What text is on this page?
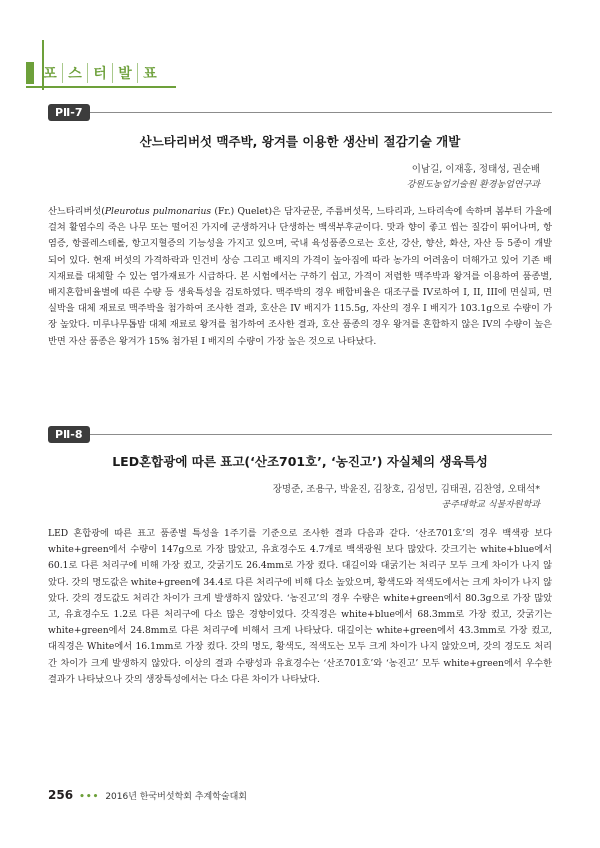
포 스 터 발 표
PⅡ-7
산느타리버섯 맥주박, 왕겨를 이용한 생산비 절감기술 개발
이남길, 이재홍, 정태성, 권순배
강원도농업기술원 환경농업연구과
산느타리버섯(Pleurotus pulmonarius (Fr.) Quelet)은 담자균문, 주름버섯목, 느타리과, 느타리속에 속하며 봄부터 가을에 걸쳐 활엽수의 죽은 나무 또는 떨어진 가지에 군생하거나 단생하는 백색부후균이다. 맛과 향이 좋고 씹는 질감이 뛰어나며, 항염증, 항콜레스테롤, 항고지혈증의 기능성을 가지고 있으며, 국내 육성품종으로는 호산, 강산, 향산, 화산, 자산 등 5종이 개발되어 있다. 현재 버섯의 가격하락과 인건비 상승 그리고 배지의 가격이 높아짐에 따라 농가의 어려움이 더해가고 있어 기존 배지재료를 대체할 수 있는 염가재료가 시급하다. 본 시험에서는 구하기 쉽고, 가격이 저렴한 맥주박과 왕겨를 이용하여 품종별, 배지혼합비율별에 따른 수량 등 생육특성을 검토하였다. 맥주박의 경우 배합비율은 대조구를 IV로하여 I, II, III에 면실피, 면실박을 대체 재료로 맥주박을 첨가하여 조사한 결과, 호산은 IV 배지가 115.5g, 자산의 경우 I 배지가 103.1g으로 수량이 가장 높았다. 미루나무톱밥 대체 재료로 왕겨를 첨가하여 조사한 결과, 호산 품종의 경우 왕겨를 혼합하지 않은 IV의 수량이 높은 반면 자산 품종은 왕겨가 15% 첨가된 I 배지의 수량이 가장 높은 것으로 나타났다.
PⅡ-8
LED혼합광에 따른 표고(‘산조701호’, ‘농진고’) 자실체의 생육특성
장명준, 조용구, 박윤진, 김창호, 김성민, 김태권, 김찬영, 오태석*
공주대학교 식물자원학과
LED 혼합광에 따른 표고 품종별 특성을 1주기를 기준으로 조사한 결과 다음과 같다. ‘산조701호’의 경우 백색광 보다 white+green에서 수량이 147g으로 가장 많았고, 유효경수도 4.7개로 백색광원 보다 많았다. 갓크기는 white+blue에서 60.1로 다른 처리구에 비해 가장 컸고, 갓굵기도 26.4mm로 가장 컸다. 대길이와 대굵기는 처리구 모두 크게 차이가 나지 않았다. 갓의 명도값은 white+green에 34.4로 다른 처리구에 비해 다소 높았으며, 황색도와 적색도에서는 크게 차이가 나지 않았다. 갓의 경도값도 처리간 차이가 크게 발생하지 않았다. ‘농진고’의 경우 수량은 white+green에서 80.3g으로 가장 많았고, 유효경수도 1.2로 다른 처리구에 다소 많은 경향이었다. 갓직경은 white+blue에서 68.3mm로 가장 컸고, 갓굵기는 white+green에서 24.8mm로 다른 처리구에 비해서 크게 나타났다. 대길이는 white+green에서 43.3mm로 가장 컸고, 대직경은 White에서 16.1mm로 가장 컸다. 갓의 명도, 황색도, 적색도는 모두 크게 차이가 나지 않았으며, 갓의 경도도 처리간 차이가 크게 발생하지 않았다. 이상의 결과 수량성과 유효경수는 ‘산조701호’와 ‘농진고’ 모두 white+green에서 우수한 결과가 나타났으나 갓의 생장특성에서는 다소 다른 차이가 나타났다.
256 ••• 2016년 한국버섯학회 추계학술대회
